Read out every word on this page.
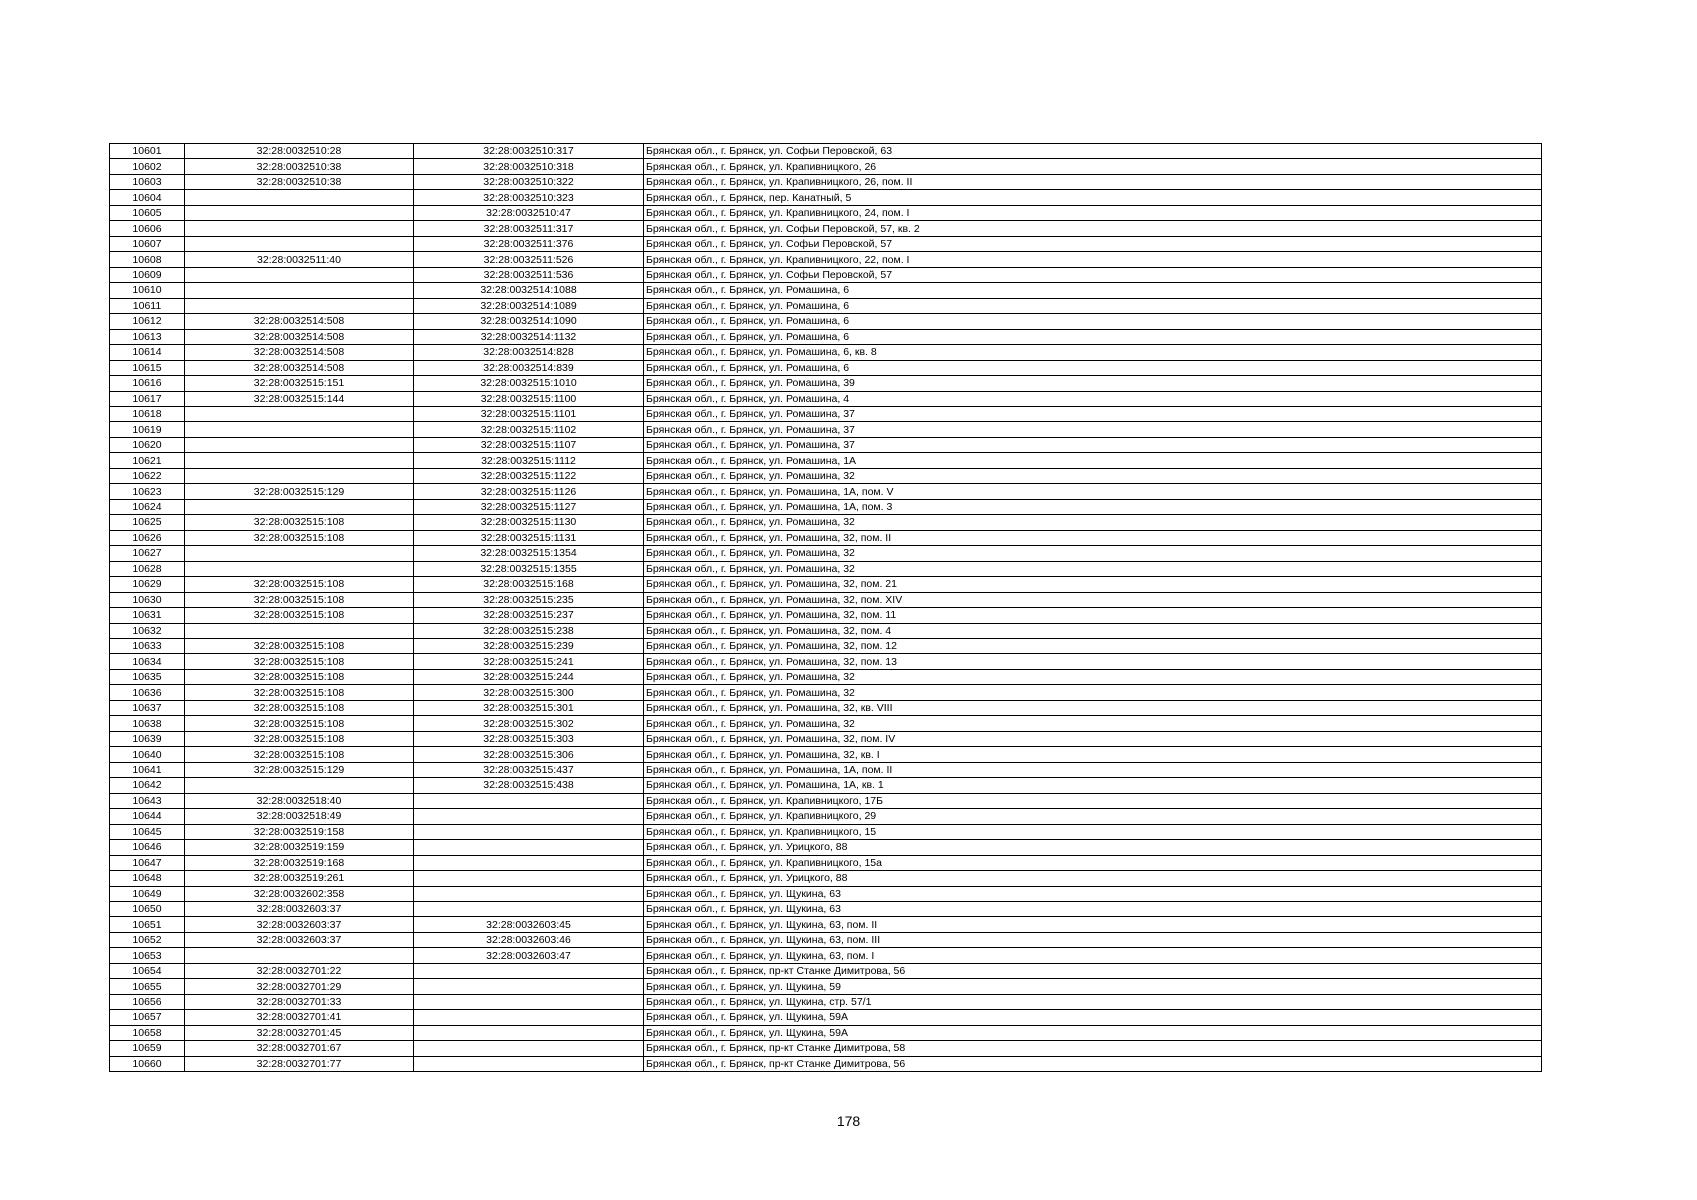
10601	32:28:0032510:28	32:28:0032510:317	Брянская обл., г. Брянск, ул. Софьи Перовской, 63
10602	32:28:0032510:38	32:28:0032510:318	Брянская обл., г. Брянск, ул. Крапивницкого, 26
10603	32:28:0032510:38	32:28:0032510:322	Брянская обл., г. Брянск, ул. Крапивницкого, 26, пом. II
10604		32:28:0032510:323	Брянская обл., г. Брянск, пер. Канатный, 5
10605		32:28:0032510:47	Брянская обл., г. Брянск, ул. Крапивницкого, 24, пом. I
10606		32:28:0032511:317	Брянская обл., г. Брянск, ул. Софьи Перовской, 57, кв. 2
10607		32:28:0032511:376	Брянская обл., г. Брянск, ул. Софьи Перовской, 57
10608	32:28:0032511:40	32:28:0032511:526	Брянская обл., г. Брянск, ул. Крапивницкого, 22, пом. I
10609		32:28:0032511:536	Брянская обл., г. Брянск, ул. Софьи Перовской, 57
10610		32:28:0032514:1088	Брянская обл., г. Брянск, ул. Ромашина, 6
10611		32:28:0032514:1089	Брянская обл., г. Брянск, ул. Ромашина, 6
10612	32:28:0032514:508	32:28:0032514:1090	Брянская обл., г. Брянск, ул. Ромашина, 6
10613	32:28:0032514:508	32:28:0032514:1132	Брянская обл., г. Брянск, ул. Ромашина, 6
10614	32:28:0032514:508	32:28:0032514:828	Брянская обл., г. Брянск, ул. Ромашина, 6, кв. 8
10615	32:28:0032514:508	32:28:0032514:839	Брянская обл., г. Брянск, ул. Ромашина, 6
10616	32:28:0032515:151	32:28:0032515:1010	Брянская обл., г. Брянск, ул. Ромашина, 39
10617	32:28:0032515:144	32:28:0032515:1100	Брянская обл., г. Брянск, ул. Ромашина, 4
10618		32:28:0032515:1101	Брянская обл., г. Брянск, ул. Ромашина, 37
10619		32:28:0032515:1102	Брянская обл., г. Брянск, ул. Ромашина, 37
10620		32:28:0032515:1107	Брянская обл., г. Брянск, ул. Ромашина, 37
10621		32:28:0032515:1112	Брянская обл., г. Брянск, ул. Ромашина, 1А
10622		32:28:0032515:1122	Брянская обл., г. Брянск, ул. Ромашина, 32
10623	32:28:0032515:129	32:28:0032515:1126	Брянская обл., г. Брянск, ул. Ромашина, 1А, пом. V
10624		32:28:0032515:1127	Брянская обл., г. Брянск, ул. Ромашина, 1А, пом. 3
10625	32:28:0032515:108	32:28:0032515:1130	Брянская обл., г. Брянск, ул. Ромашина, 32
10626	32:28:0032515:108	32:28:0032515:1131	Брянская обл., г. Брянск, ул. Ромашина, 32, пом. II
10627		32:28:0032515:1354	Брянская обл., г. Брянск, ул. Ромашина, 32
10628		32:28:0032515:1355	Брянская обл., г. Брянск, ул. Ромашина, 32
10629	32:28:0032515:108	32:28:0032515:168	Брянская обл., г. Брянск, ул. Ромашина, 32, пом. 21
10630	32:28:0032515:108	32:28:0032515:235	Брянская обл., г. Брянск, ул. Ромашина, 32, пом. XIV
10631	32:28:0032515:108	32:28:0032515:237	Брянская обл., г. Брянск, ул. Ромашина, 32, пом. 11
10632		32:28:0032515:238	Брянская обл., г. Брянск, ул. Ромашина, 32, пом. 4
10633	32:28:0032515:108	32:28:0032515:239	Брянская обл., г. Брянск, ул. Ромашина, 32, пом. 12
10634	32:28:0032515:108	32:28:0032515:241	Брянская обл., г. Брянск, ул. Ромашина, 32, пом. 13
10635	32:28:0032515:108	32:28:0032515:244	Брянская обл., г. Брянск, ул. Ромашина, 32
10636	32:28:0032515:108	32:28:0032515:300	Брянская обл., г. Брянск, ул. Ромашина, 32
10637	32:28:0032515:108	32:28:0032515:301	Брянская обл., г. Брянск, ул. Ромашина, 32, кв. VIII
10638	32:28:0032515:108	32:28:0032515:302	Брянская обл., г. Брянск, ул. Ромашина, 32
10639	32:28:0032515:108	32:28:0032515:303	Брянская обл., г. Брянск, ул. Ромашина, 32, пом. IV
10640	32:28:0032515:108	32:28:0032515:306	Брянская обл., г. Брянск, ул. Ромашина, 32, кв. I
10641	32:28:0032515:129	32:28:0032515:437	Брянская обл., г. Брянск, ул. Ромашина, 1А, пом. II
10642		32:28:0032515:438	Брянская обл., г. Брянск, ул. Ромашина, 1А, кв. 1
10643	32:28:0032518:40		Брянская обл., г. Брянск, ул. Крапивницкого, 17Б
10644	32:28:0032518:49		Брянская обл., г. Брянск, ул. Крапивницкого, 29
10645	32:28:0032519:158		Брянская обл., г. Брянск, ул. Крапивницкого, 15
10646	32:28:0032519:159		Брянская обл., г. Брянск, ул. Урицкого, 88
10647	32:28:0032519:168		Брянская обл., г. Брянск, ул. Крапивницкого, 15а
10648	32:28:0032519:261		Брянская обл., г. Брянск, ул. Урицкого, 88
10649	32:28:0032602:358		Брянская обл., г. Брянск, ул. Щукина, 63
10650	32:28:0032603:37		Брянская обл., г. Брянск, ул. Щукина, 63
10651	32:28:0032603:37	32:28:0032603:45	Брянская обл., г. Брянск, ул. Щукина, 63, пом. II
10652	32:28:0032603:37	32:28:0032603:46	Брянская обл., г. Брянск, ул. Щукина, 63, пом. III
10653		32:28:0032603:47	Брянская обл., г. Брянск, ул. Щукина, 63, пом. I
10654	32:28:0032701:22		Брянская обл., г. Брянск, пр-кт Станке Димитрова, 56
10655	32:28:0032701:29		Брянская обл., г. Брянск, ул. Щукина, 59
10656	32:28:0032701:33		Брянская обл., г. Брянск, ул. Щукина, стр. 57/1
10657	32:28:0032701:41		Брянская обл., г. Брянск, ул. Щукина, 59А
10658	32:28:0032701:45		Брянская обл., г. Брянск, ул. Щукина, 59А
10659	32:28:0032701:67		Брянская обл., г. Брянск, пр-кт Станке Димитрова, 58
10660	32:28:0032701:77		Брянская обл., г. Брянск, пр-кт Станке Димитрова, 56
178
